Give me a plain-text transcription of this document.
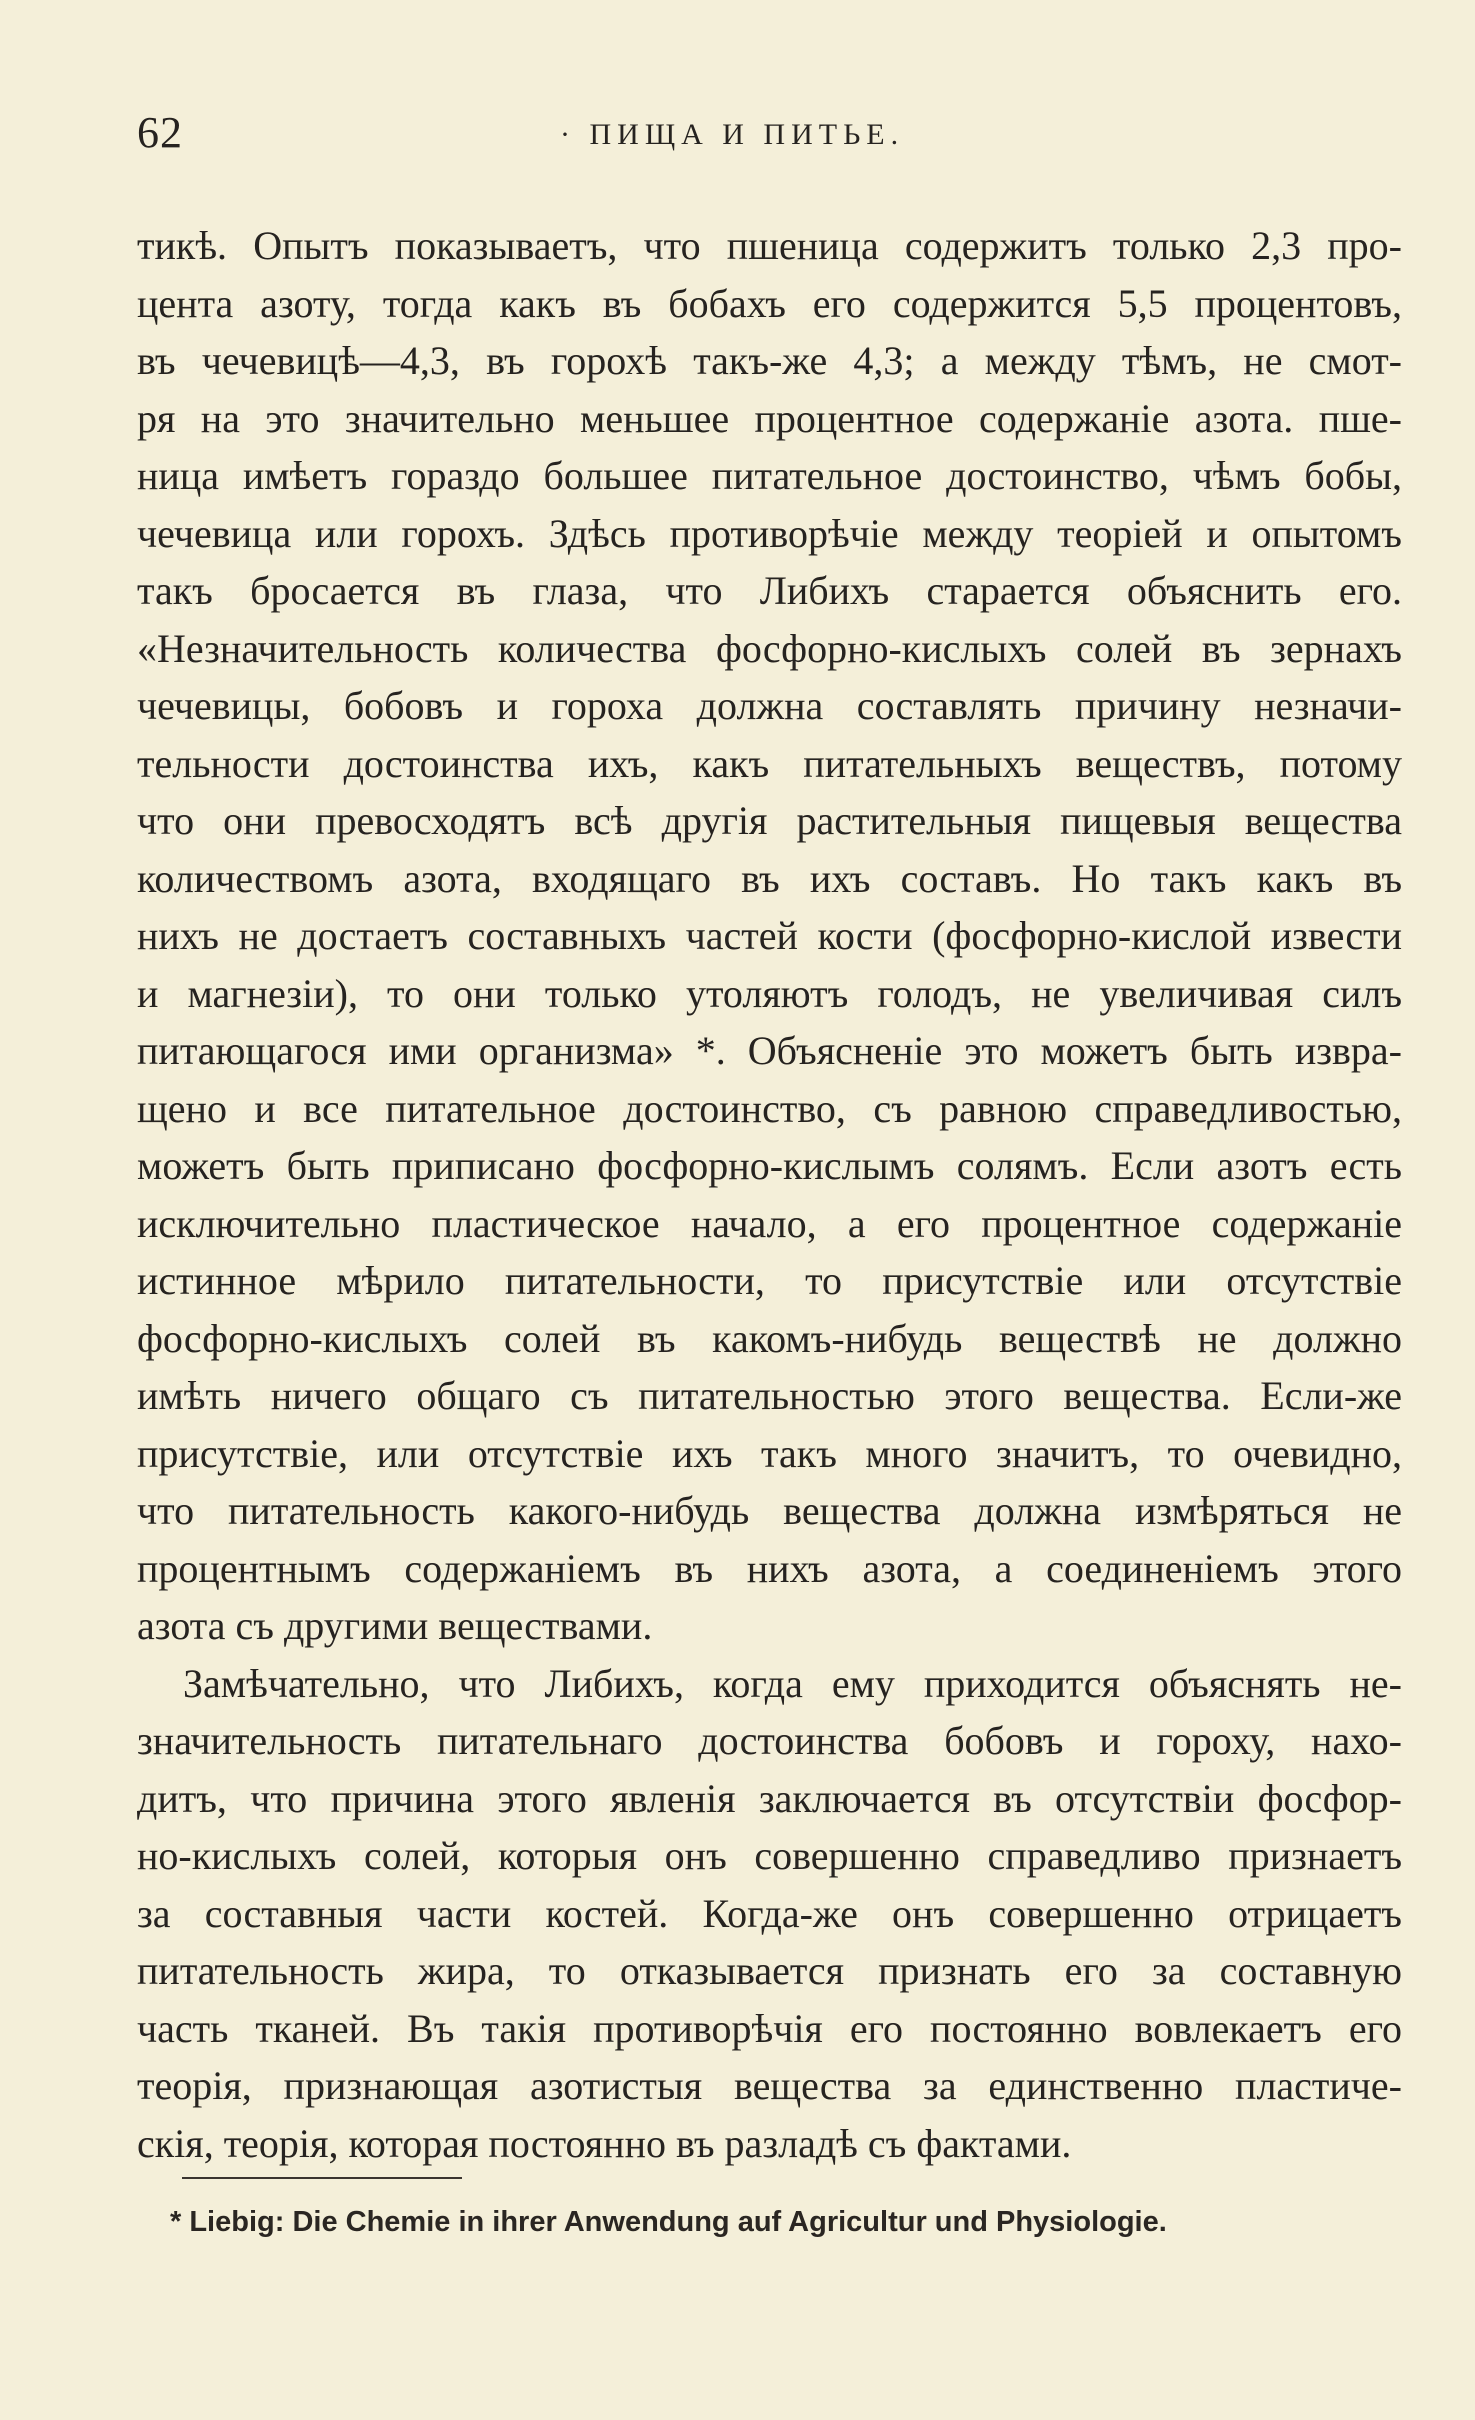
62	· ПИЩА И ПИТЬЕ.
тикѣ. Опытъ показываетъ, что пшеница содержитъ только 2,3 про-
цента азоту, тогда какъ въ бобахъ его содержится 5,5 процентовъ,
въ чечевицѣ—4,3, въ горохѣ такъ-же 4,3; а между тѣмъ, не смот-
ря на это значительно меньшее процентное содержаніе азота. пше-
ница имѣетъ гораздо большее питательное достоинство, чѣмъ бобы,
чечевица или горохъ. Здѣсь противорѣчіе между теоріей и опытомъ
такъ бросается въ глаза, что Либихъ старается объяснить его.
«Незначительность количества фосфорно-кислыхъ солей въ зернахъ
чечевицы, бобовъ и гороха должна составлять причину незначи-
тельности достоинства ихъ, какъ питательныхъ веществъ, потому
что они превосходятъ всѣ другія растительныя пищевыя вещества
количествомъ азота, входящаго въ ихъ составъ. Но такъ какъ въ
нихъ не достаетъ составныхъ частей кости (фосфорно-кислой извести
и магнезіи), то они только утоляютъ голодъ, не увеличивая силъ
питающагося ими организма» *. Объясненіе это можетъ быть извра-
щено и все питательное достоинство, съ равною справедливостью,
можетъ быть приписано фосфорно-кислымъ солямъ. Если азотъ есть
исключительно пластическое начало, а его процентное содержаніе
истинное мѣрило питательности, то присутствіе или отсутствіе
фосфорно-кислыхъ солей въ какомъ-нибудь веществѣ не должно
имѣть ничего общаго съ питательностью этого вещества. Если-же
присутствіе, или отсутствіе ихъ такъ много значитъ, то очевидно,
что питательность какого-нибудь вещества должна измѣряться не
процентнымъ содержаніемъ въ нихъ азота, а соединеніемъ этого
азота съ другими веществами.
Замѣчательно, что Либихъ, когда ему приходится объяснять не-
значительность питательнаго достоинства бобовъ и гороху, нахо-
дитъ, что причина этого явленія заключается въ отсутствіи фосфор-
но-кислыхъ солей, которыя онъ совершенно справедливо признаетъ
за составныя части костей. Когда-же онъ совершенно отрицаетъ
питательность жира, то отказывается признать его за составную
часть тканей. Въ такія противорѣчія его постоянно вовлекаетъ его
теорія, признающая азотистыя вещества за единственно пластиче-
скія, теорія, которая постоянно въ разладѣ съ фактами.
* Liebig: Die Chemie in ihrer Anwendung auf Agricultur und Physiologie.
